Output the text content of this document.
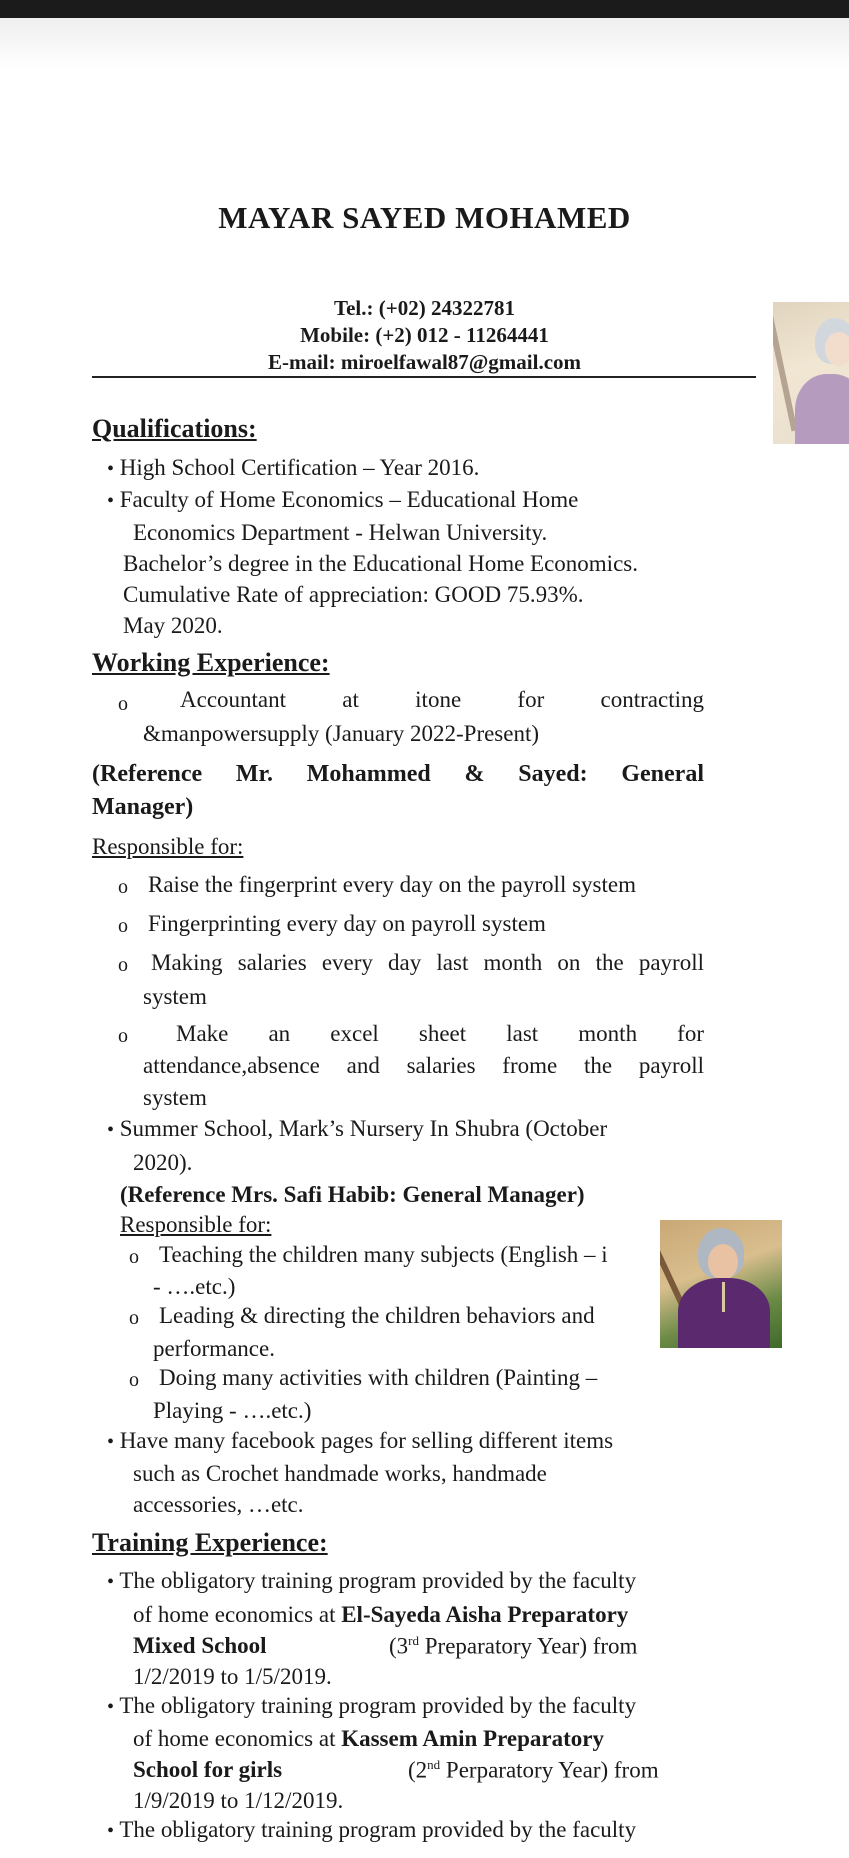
MAYAR SAYED MOHAMED
Tel.: (+02) 24322781
Mobile: (+2) 012 - 11264441
E-mail: miroelfawal87@gmail.com
Qualifications:
• High School Certification – Year 2016.
• Faculty of Home Economics – Educational Home
Economics Department - Helwan University.
Bachelor’s degree in the Educational Home Economics.
Cumulative Rate of appreciation: GOOD 75.93%.
May 2020.
Working Experience:
o Accountant at itone for contracting
&manpowersupply (January 2022-Present)
(Reference Mr. Mohammed & Sayed: General
Manager)
Responsible for:
o Raise the fingerprint every day on the payroll system
o Fingerprinting every day on payroll system
o Making salaries every day last month on the payroll
system
o Make an excel sheet last month for
attendance,absence and salaries frome the payroll
system
• Summer School, Mark’s Nursery In Shubra (October
2020).
(Reference Mrs. Safi Habib: General Manager)
Responsible for:
o Teaching the children many subjects (English – i
- ….etc.)
o Leading & directing the children behaviors and
performance.
o Doing many activities with children (Painting –
Playing - ….etc.)
• Have many facebook pages for selling different items
such as Crochet handmade works, handmade
accessories, …etc.
Training Experience:
• The obligatory training program provided by the faculty
of home economics at El-Sayeda Aisha Preparatory
Mixed School	(3rd Preparatory Year) from
1/2/2019 to 1/5/2019.
• The obligatory training program provided by the faculty
of home economics at Kassem Amin Preparatory
School for girls	(2nd Perparatory Year) from
1/9/2019 to 1/12/2019.
• The obligatory training program provided by the faculty
